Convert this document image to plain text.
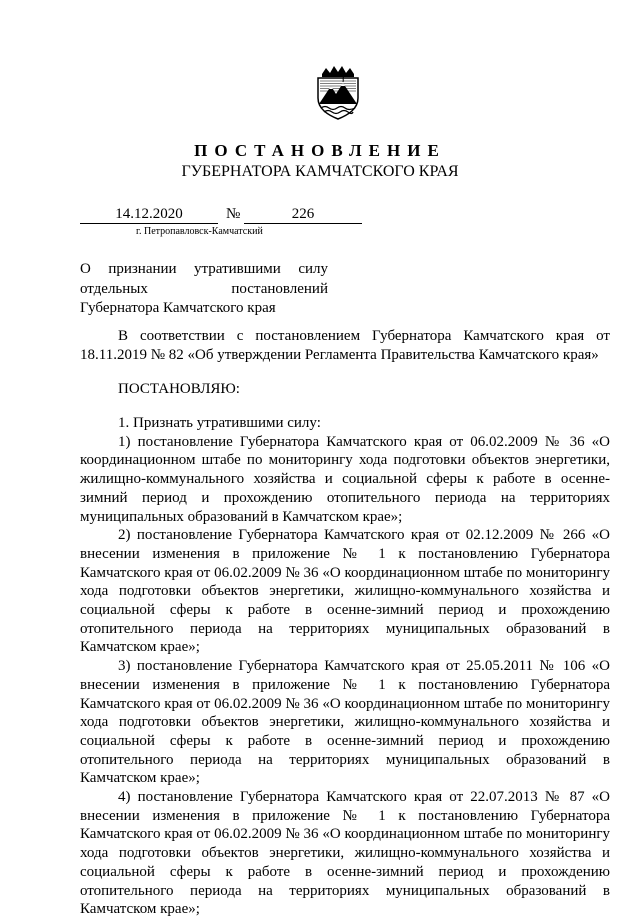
ПОСТАНОВЛЕНИЕ
ГУБЕРНАТОРА КАМЧАТСКОГО КРАЯ
14.12.2020	№	226
г. Петропавловск-Камчатский
О признании утратившими силу отдельных постановлений Губернатора Камчатского края

В соответствии с постановлением Губернатора Камчатского края от 18.11.2019 № 82 «Об утверждении Регламента Правительства Камчатского края»

ПОСТАНОВЛЯЮ:

1. Признать утратившими силу:

1) постановление Губернатора Камчатского края от 06.02.2009 № 36 «О координационном штабе по мониторингу хода подготовки объектов энергетики, жилищно-коммунального хозяйства и социальной сферы к работе в осенне-зимний период и прохождению отопительного периода на территориях муниципальных образований в Камчатском крае»;

2) постановление Губернатора Камчатского края от 02.12.2009 № 266 «О внесении изменения в приложение № 1 к постановлению Губернатора Камчатского края от 06.02.2009 № 36 «О координационном штабе по мониторингу хода подготовки объектов энергетики, жилищно-коммунального хозяйства и социальной сферы к работе в осенне-зимний период и прохождению отопительного периода на территориях муниципальных образований в Камчатском крае»;

3) постановление Губернатора Камчатского края от 25.05.2011 № 106 «О внесении изменения в приложение № 1 к постановлению Губернатора Камчатского края от 06.02.2009 № 36 «О координационном штабе по мониторингу хода подготовки объектов энергетики, жилищно-коммунального хозяйства и социальной сферы к работе в осенне-зимний период и прохождению отопительного периода на территориях муниципальных образований в Камчатском крае»;

4) постановление Губернатора Камчатского края от 22.07.2013 № 87 «О внесении изменения в приложение № 1 к постановлению Губернатора Камчатского края от 06.02.2009 № 36 «О координационном штабе по мониторингу хода подготовки объектов энергетики, жилищно-коммунального хозяйства и социальной сферы к работе в осенне-зимний период и прохождению отопительного периода на территориях муниципальных образований в Камчатском крае»;
